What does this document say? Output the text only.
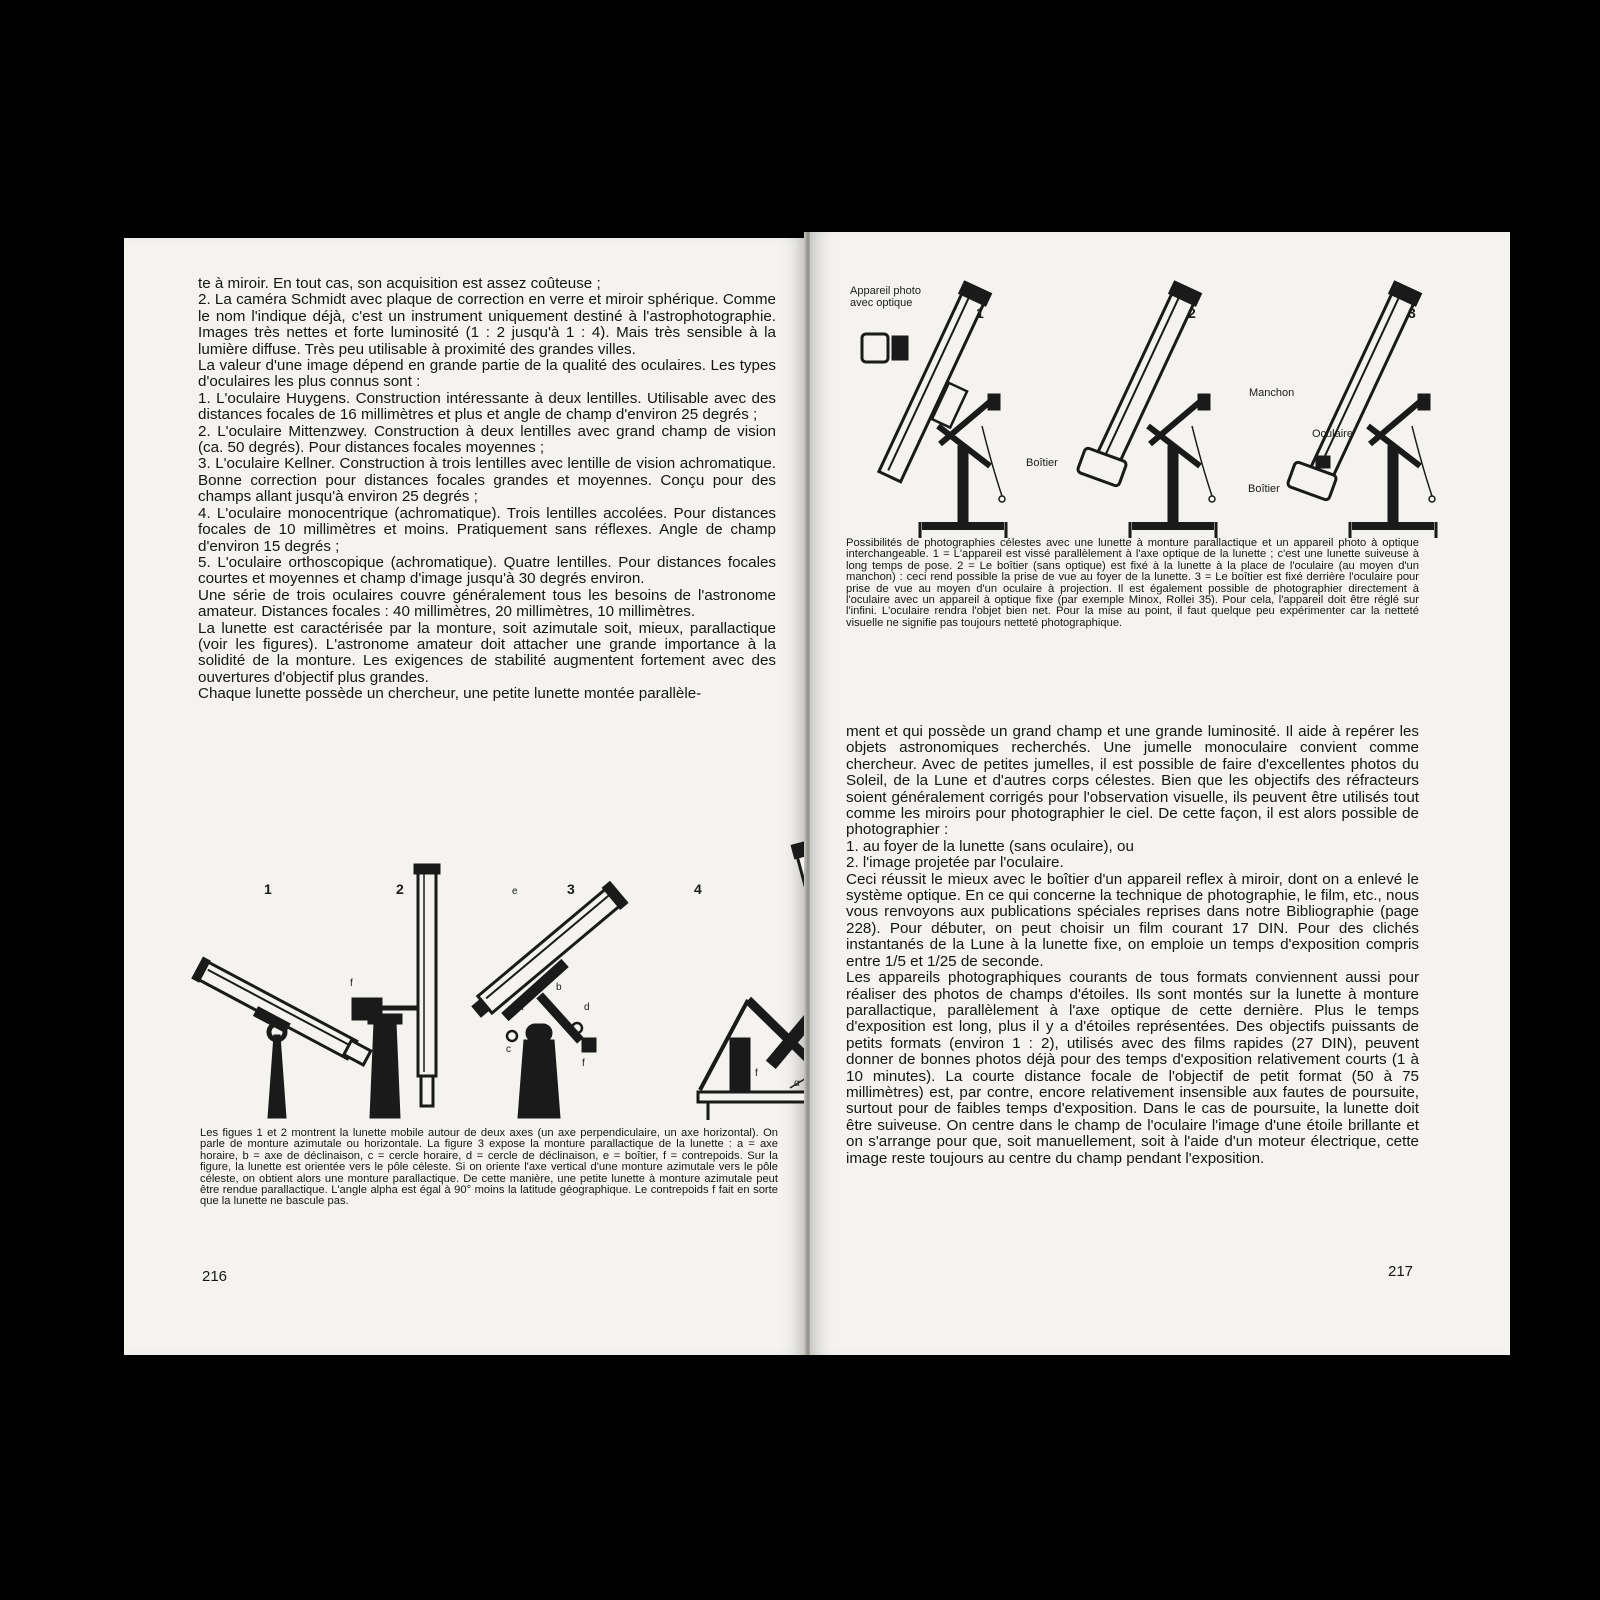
te à miroir. En tout cas, son acquisition est assez coûteuse ;

2. La caméra Schmidt avec plaque de correction en verre et miroir sphérique. Comme le nom l'indique déjà, c'est un instrument uniquement destiné à l'astrophotographie. Images très nettes et forte luminosité (1 : 2 jusqu'à 1 : 4). Mais très sensible à la lumière diffuse. Très peu utilisable à proximité des grandes villes.

La valeur d'une image dépend en grande partie de la qualité des oculaires. Les types d'oculaires les plus connus sont :

1. L'oculaire Huygens. Construction intéressante à deux lentilles. Utilisable avec des distances focales de 16 millimètres et plus et angle de champ d'environ 25 degrés ;

2. L'oculaire Mittenzwey. Construction à deux lentilles avec grand champ de vision (ca. 50 degrés). Pour distances focales moyennes ;

3. L'oculaire Kellner. Construction à trois lentilles avec lentille de vision achromatique. Bonne correction pour distances focales grandes et moyennes. Conçu pour des champs allant jusqu'à environ 25 degrés ;

4. L'oculaire monocentrique (achromatique). Trois lentilles accolées. Pour distances focales de 10 millimètres et moins. Pratiquement sans réflexes. Angle de champ d'environ 15 degrés ;

5. L'oculaire orthoscopique (achromatique). Quatre lentilles. Pour distances focales courtes et moyennes et champ d'image jusqu'à 30 degrés environ.

Une série de trois oculaires couvre généralement tous les besoins de l'astronome amateur. Distances focales : 40 millimètres, 20 millimètres, 10 millimètres.

La lunette est caractérisée par la monture, soit azimutale soit, mieux, parallactique (voir les figures). L'astronome amateur doit attacher une grande importance à la solidité de la monture. Les exigences de stabilité augmentent fortement avec des ouvertures d'objectif plus grandes.

Chaque lunette possède un chercheur, une petite lunette montée parallèle-

1	2	3	4
f
e
a
b
c
d
f
f
α
Les figues 1 et 2 montrent la lunette mobile autour de deux axes (un axe perpendiculaire, un axe horizontal). On parle de monture azimutale ou horizontale. La figure 3 expose la monture parallactique de la lunette : a = axe horaire, b = axe de déclinaison, c = cercle horaire, d = cercle de déclinaison, e = boîtier, f = contrepoids. Sur la figure, la lunette est orientée vers le pôle céleste. Si on oriente l'axe vertical d'une monture azimutale vers le pôle céleste, on obtient alors une monture parallactique. De cette manière, une petite lunette à monture azimutale peut être rendue parallactique. L'angle alpha est égal à 90° moins la latitude géographique. Le contrepoids f fait en sorte que la lunette ne bascule pas.
216
Appareil photo
avec optique
Boîtier
Manchon
Oculaire
Boîtier
1	2	3
Possibilités de photographies célestes avec une lunette à monture parallactique et un appareil photo à optique interchangeable. 1 = L'appareil est vissé parallèlement à l'axe optique de la lunette ; c'est une lunette suiveuse à long temps de pose. 2 = Le boîtier (sans optique) est fixé à la lunette à la place de l'oculaire (au moyen d'un manchon) : ceci rend possible la prise de vue au foyer de la lunette. 3 = Le boîtier est fixé derrière l'oculaire pour prise de vue au moyen d'un oculaire à projection. Il est également possible de photographier directement à l'oculaire avec un appareil à optique fixe (par exemple Minox, Rollei 35). Pour cela, l'appareil doit être réglé sur l'infini. L'oculaire rendra l'objet bien net. Pour la mise au point, il faut quelque peu expérimenter car la netteté visuelle ne signifie pas toujours netteté photographique.

ment et qui possède un grand champ et une grande luminosité. Il aide à repérer les objets astronomiques recherchés. Une jumelle monoculaire convient comme chercheur. Avec de petites jumelles, il est possible de faire d'excellentes photos du Soleil, de la Lune et d'autres corps célestes. Bien que les objectifs des réfracteurs soient généralement corrigés pour l'observation visuelle, ils peuvent être utilisés tout comme les miroirs pour photographier le ciel. De cette façon, il est alors possible de photographier :

1. au foyer de la lunette (sans oculaire), ou

2. l'image projetée par l'oculaire.

Ceci réussit le mieux avec le boîtier d'un appareil reflex à miroir, dont on a enlevé le système optique. En ce qui concerne la technique de photographie, le film, etc., nous vous renvoyons aux publications spéciales reprises dans notre Bibliographie (page 228). Pour débuter, on peut choisir un film courant 17 DIN. Pour des clichés instantanés de la Lune à la lunette fixe, on emploie un temps d'exposition compris entre 1/5 et 1/25 de seconde.

Les appareils photographiques courants de tous formats conviennent aussi pour réaliser des photos de champs d'étoiles. Ils sont montés sur la lunette à monture parallactique, parallèlement à l'axe optique de cette dernière. Plus le temps d'exposition est long, plus il y a d'étoiles représentées. Des objectifs puissants de petits formats (environ 1 : 2), utilisés avec des films rapides (27 DIN), peuvent donner de bonnes photos déjà pour des temps d'exposition relativement courts (1 à 10 minutes). La courte distance focale de l'objectif de petit format (50 à 75 millimètres) est, par contre, encore relativement insensible aux fautes de poursuite, surtout pour de faibles temps d'exposition. Dans le cas de poursuite, la lunette doit être suiveuse. On centre dans le champ de l'oculaire l'image d'une étoile brillante et on s'arrange pour que, soit manuellement, soit à l'aide d'un moteur électrique, cette image reste toujours au centre du champ pendant l'exposition.

217
